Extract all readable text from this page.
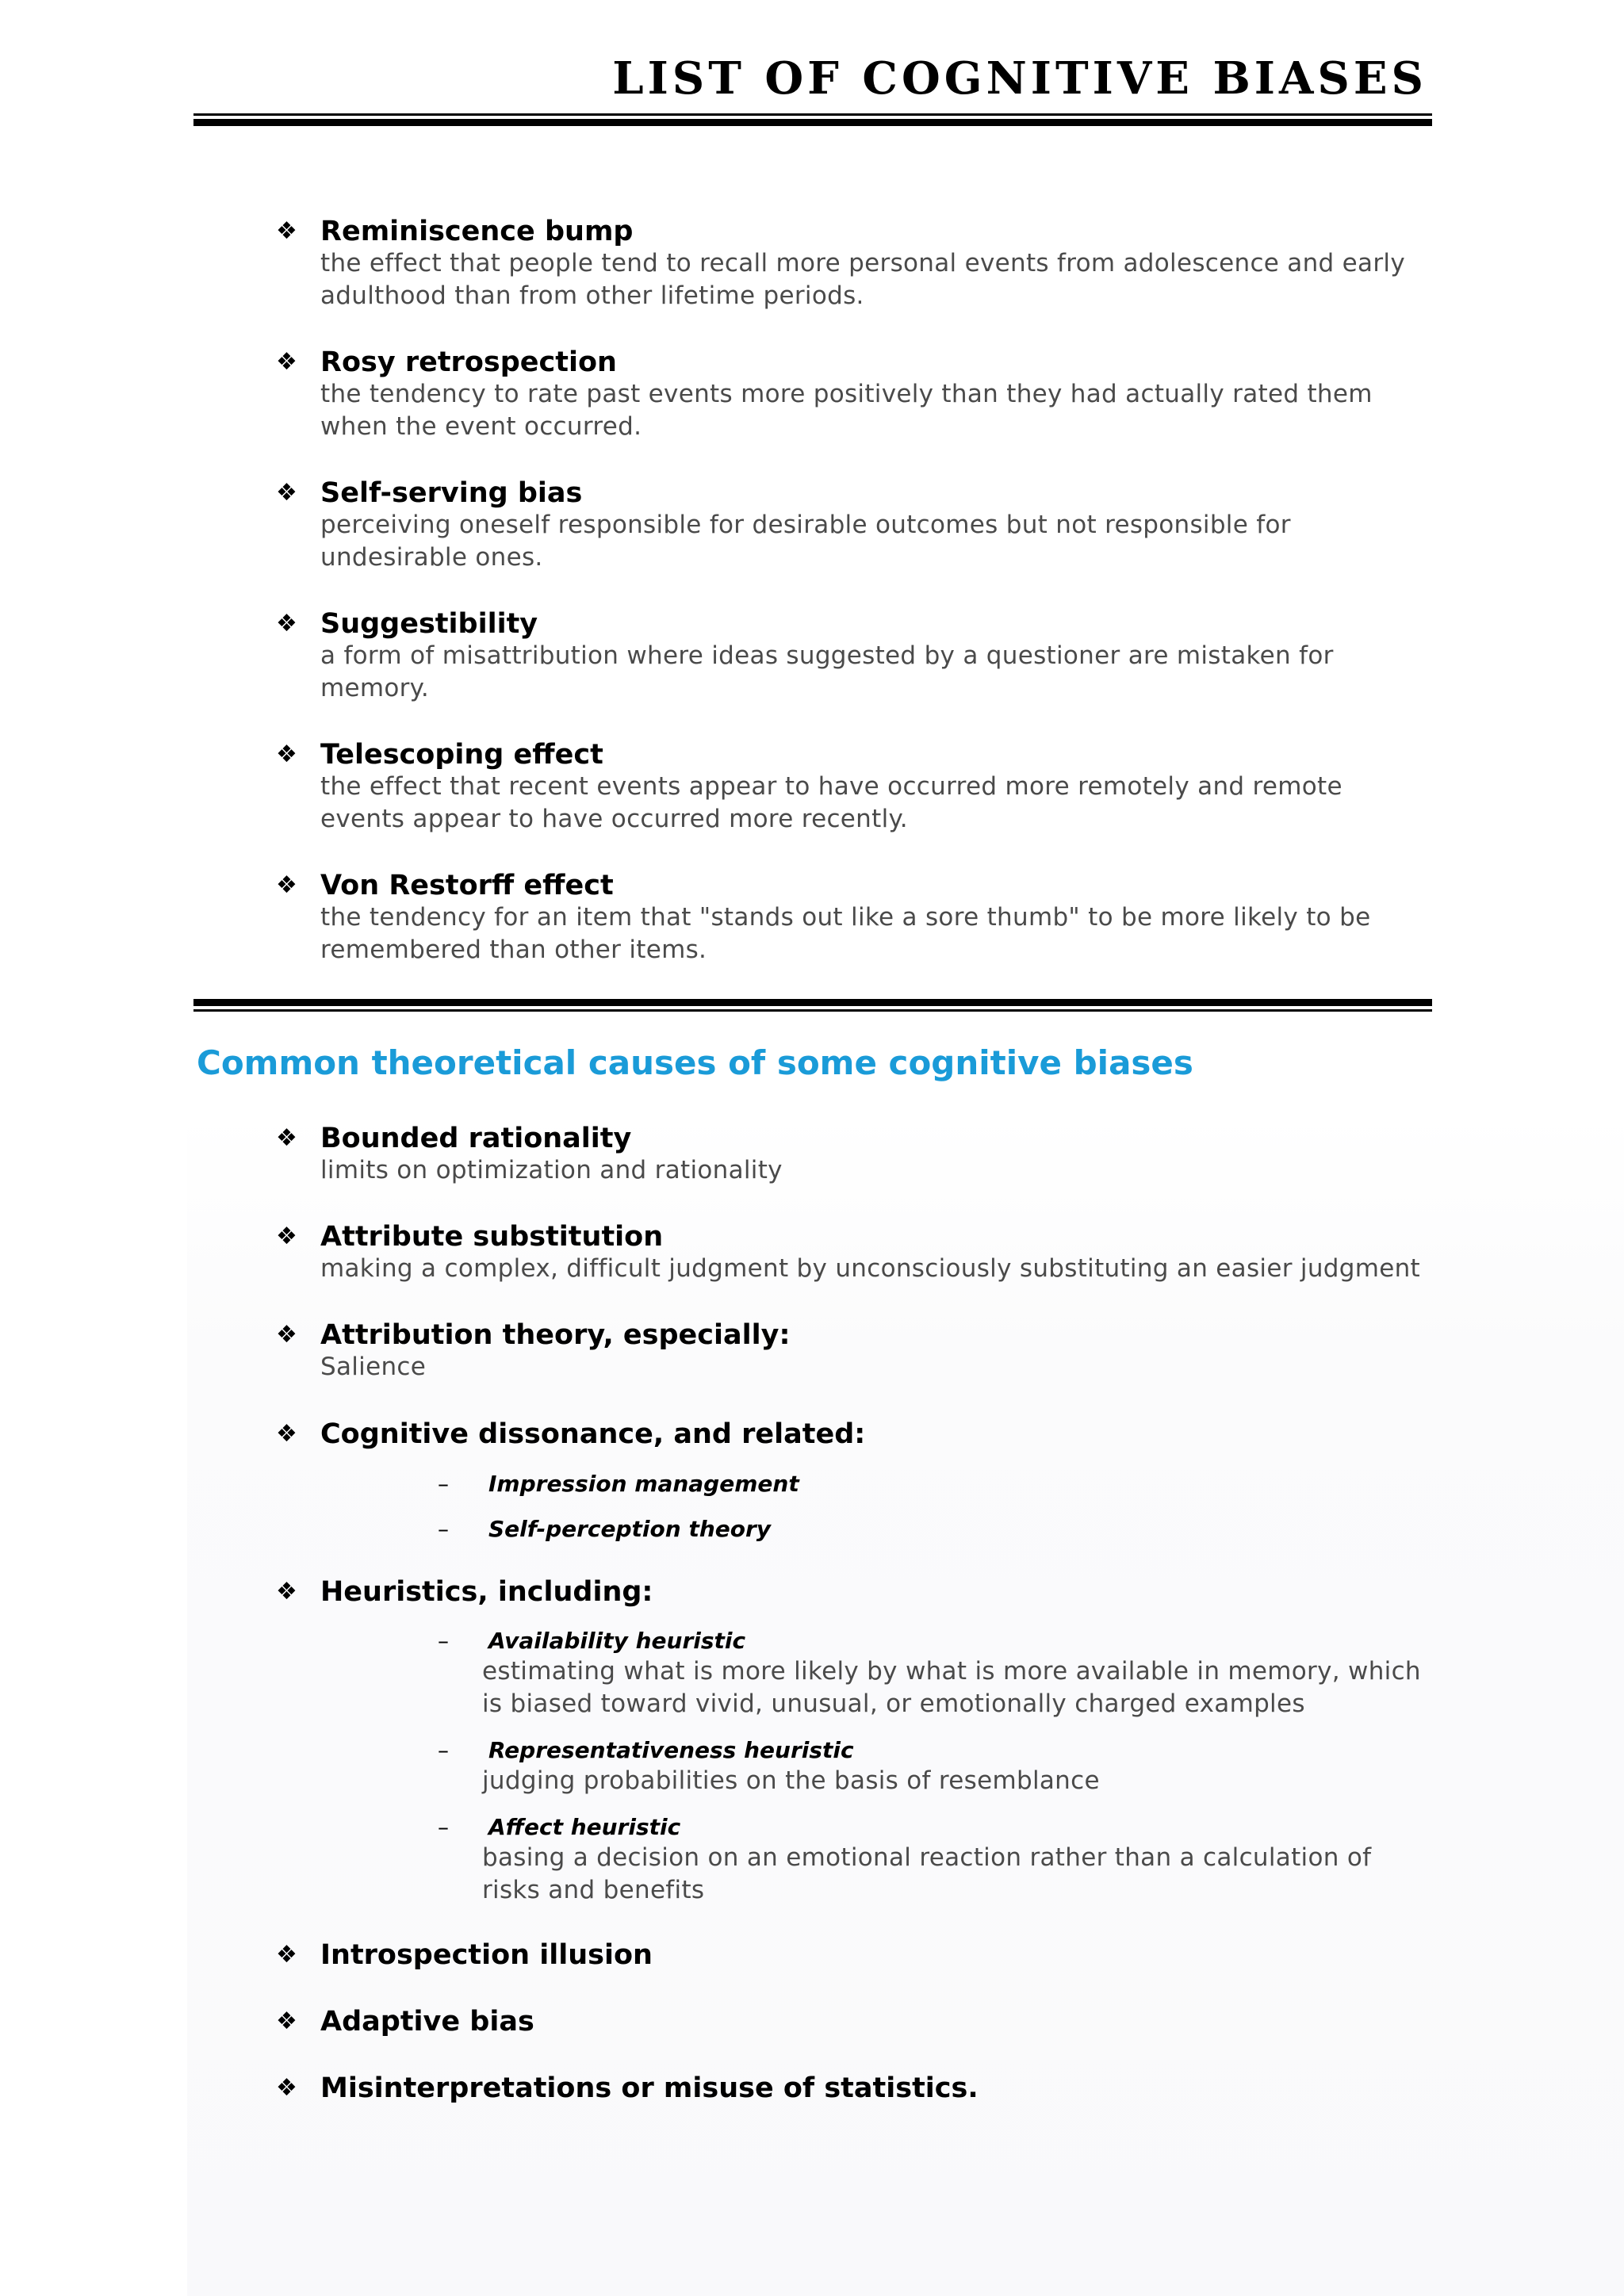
LIST OF COGNITIVE BIASES
❖ Reminiscence bump
the effect that people tend to recall more personal events from adolescence and early adulthood than from other lifetime periods.
❖ Rosy retrospection
the tendency to rate past events more positively than they had actually rated them when the event occurred.
❖ Self-serving bias
perceiving oneself responsible for desirable outcomes but not responsible for undesirable ones.
❖ Suggestibility
a form of misattribution where ideas suggested by a questioner are mistaken for memory.
❖ Telescoping effect
the effect that recent events appear to have occurred more remotely and remote events appear to have occurred more recently.
❖ Von Restorff effect
the tendency for an item that "stands out like a sore thumb" to be more likely to be remembered than other items.
Common theoretical causes of some cognitive biases
❖ Bounded rationality
limits on optimization and rationality
❖ Attribute substitution
making a complex, difficult judgment by unconsciously substituting an easier judgment
❖ Attribution theory, especially:
Salience
❖ Cognitive dissonance, and related:
–	Impression management
–	Self-perception theory
❖ Heuristics, including:
–	Availability heuristic
estimating what is more likely by what is more available in memory, which is biased toward vivid, unusual, or emotionally charged examples
–	Representativeness heuristic
judging probabilities on the basis of resemblance
–	Affect heuristic
basing a decision on an emotional reaction rather than a calculation of risks and benefits
❖ Introspection illusion
❖ Adaptive bias
❖ Misinterpretations or misuse of statistics.
